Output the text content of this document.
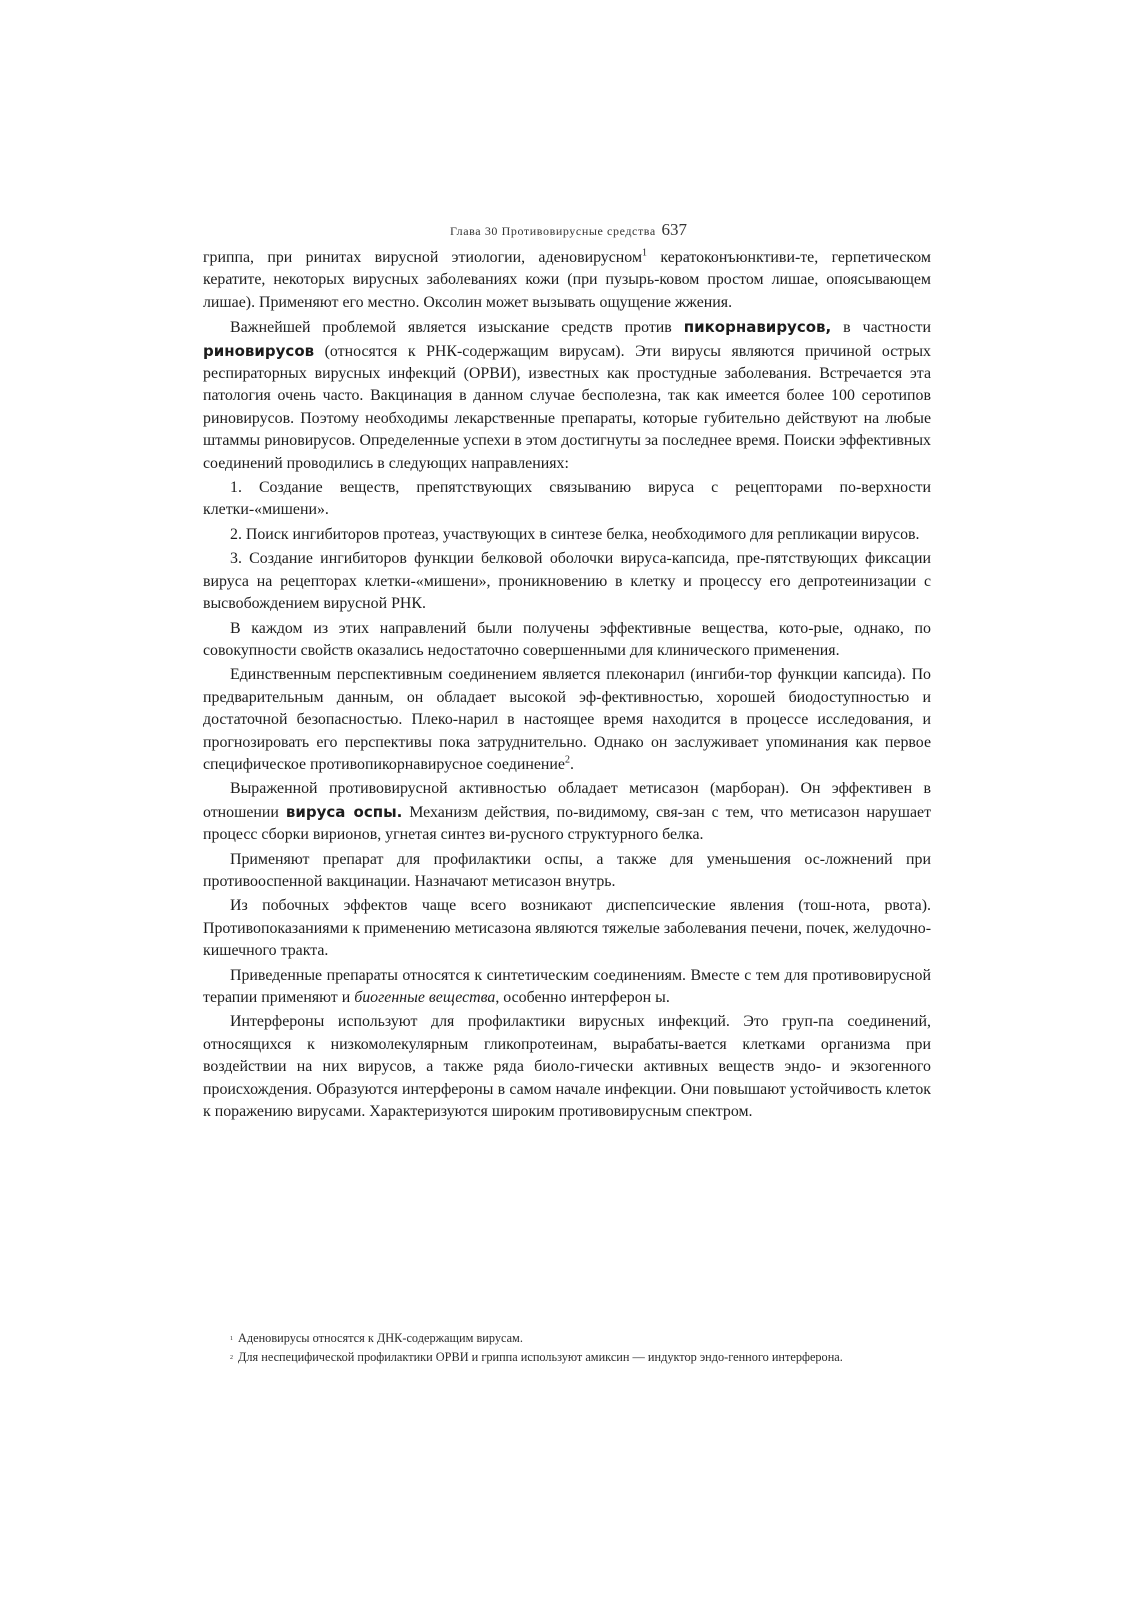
Глава 30 Противовирусные средства 637

гриппа, при ринитах вирусной этиологии, аденовирусном$^1$ кератоконъюнктиви-те, герпетическом кератите, некоторых вирусных заболеваниях кожи (при пузырь-ковом простом лишае, опоясывающем лишае). Применяют его местно. Оксолин может вызывать ощущение жжения.

Важнейшей проблемой является изыскание средств против пикорнавирусов, в частности риновирусов (относятся к РНК-содержащим вирусам). Эти вирусы являются причиной острых респираторных вирусных инфекций (ОРВИ), известных как простудные заболевания. Встречается эта патология очень часто. Вакцинация в данном случае бесполезна, так как имеется более 100 серотипов риновирусов. Поэтому необходимы лекарственные препараты, которые губительно действуют на любые штаммы риновирусов. Определенные успехи в этом достигнуты за последнее время. Поиски эффективных соединений проводились в следующих направлениях:

1. Создание веществ, препятствующих связыванию вируса с рецепторами по-верхности клетки-«мишени».

2. Поиск ингибиторов протеаз, участвующих в синтезе белка, необходимого для репликации вирусов.

3. Создание ингибиторов функции белковой оболочки вируса-капсида, пре-пятствующих фиксации вируса на рецепторах клетки-«мишени», проникновению в клетку и процессу его депротеинизации с высвобождением вирусной РНК.

В каждом из этих направлений были получены эффективные вещества, кото-рые, однако, по совокупности свойств оказались недостаточно совершенными для клинического применения.

Единственным перспективным соединением является плеконарил (ингиби-тор функции капсида). По предварительным данным, он обладает высокой эф-фективностью, хорошей биодоступностью и достаточной безопасностью. Плеко-нарил в настоящее время находится в процессе исследования, и прогнозировать его перспективы пока затруднительно. Однако он заслуживает упоминания как первое специфическое противопикорнавирусное соединение$^2$.

Выраженной противовирусной активностью обладает метисазон (марборан). Он эффективен в отношении вируса оспы. Механизм действия, по-видимому, свя-зан с тем, что метисазон нарушает процесс сборки вирионов, угнетая синтез ви-русного структурного белка.

Применяют препарат для профилактики оспы, а также для уменьшения ос-ложнений при противооспенной вакцинации. Назначают метисазон внутрь.

Из побочных эффектов чаще всего возникают диспепсические явления (тош-нота, рвота). Противопоказаниями к применению метисазона являются тяжелые заболевания печени, почек, желудочно-кишечного тракта.

Приведенные препараты относятся к синтетическим соединениям. Вместе с тем для противовирусной терапии применяют и биогенные вещества, особенно интерферон ы.

Интерфероны используют для профилактики вирусных инфекций. Это груп-па соединений, относящихся к низкомолекулярным гликопротеинам, вырабаты-вается клетками организма при воздействии на них вирусов, а также ряда биоло-гически активных веществ эндо- и экзогенного происхождения. Образуются интерфероны в самом начале инфекции. Они повышают устойчивость клеток к поражению вирусами. Характеризуются широким противовирусным спектром.

1 Аденовирусы относятся к ДНК-содержащим вирусам.

2 Для неспецифической профилактики ОРВИ и гриппа используют амиксин — индуктор эндо-генного интерферона.
